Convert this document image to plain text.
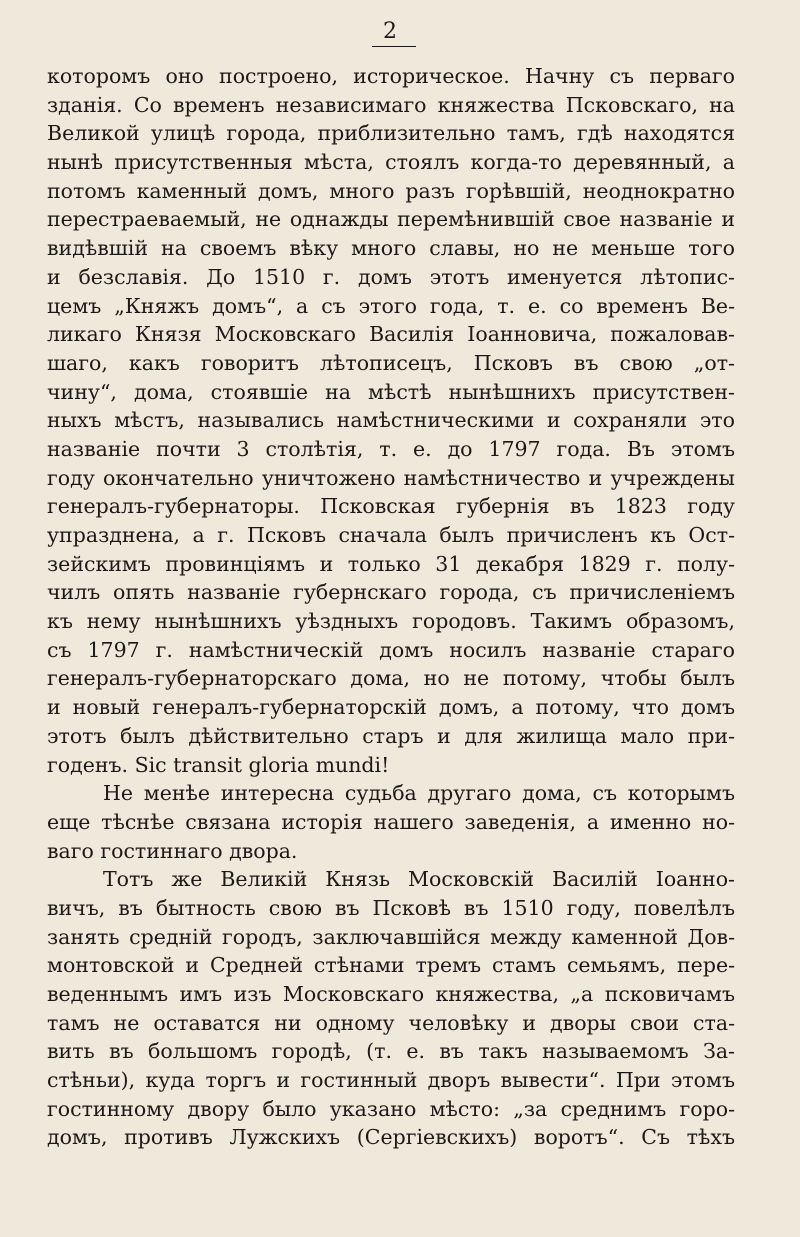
2
которомъ оно построено, историческое. Начну съ перваго
зданія. Со временъ независимаго княжества Псковскаго, на
Великой улицѣ города, приблизительно тамъ, гдѣ находятся
нынѣ присутственныя мѣста, стоялъ когда-то деревянный, а
потомъ каменный домъ, много разъ горѣвшій, неоднократно
перестраеваемый, не однажды перемѣнившій свое названіе и
видѣвшій на своемъ вѣку много славы, но не меньше того
и безславія. До 1510 г. домъ этотъ именуется лѣтопис-
цемъ „Княжъ домъ“, а съ этого года, т. е. со временъ Ве-
ликаго Князя Московскаго Василія Іоанновича, пожаловав-
шаго, какъ говоритъ лѣтописецъ, Псковъ въ свою „от-
чину“, дома, стоявшіе на мѣстѣ нынѣшнихъ присутствен-
ныхъ мѣстъ, назывались намѣстническими и сохраняли это
названіе почти 3 столѣтія, т. е. до 1797 года. Въ этомъ
году окончательно уничтожено намѣстничество и учреждены
генералъ-губернаторы. Псковская губернія въ 1823 году
упразднена, а г. Псковъ сначала былъ причисленъ къ Ост-
зейскимъ провинціямъ и только 31 декабря 1829 г. полу-
чилъ опять названіе губернскаго города, съ причисленіемъ
къ нему нынѣшнихъ уѣздныхъ городовъ. Такимъ образомъ,
съ 1797 г. намѣстническій домъ носилъ названіе стараго
генералъ-губернаторскаго дома, но не потому, чтобы былъ
и новый генералъ-губернаторскій домъ, а потому, что домъ
этотъ былъ дѣйствительно старъ и для жилища мало при-
годенъ. Sic transit gloria mundi!
Не менѣе интересна судьба другаго дома, съ которымъ
еще тѣснѣе связана исторія нашего заведенія, а именно но-
ваго гостиннаго двора.
Тотъ же Великій Князь Московскій Василій Іоанно-
вичъ, въ бытность свою въ Псковѣ въ 1510 году, повелѣлъ
занять средній городъ, заключавшійся между каменной Дов-
монтовской и Средней стѣнами тремъ стамъ семьямъ, пере-
веденнымъ имъ изъ Московскаго княжества, „а псковичамъ
тамъ не оставатся ни одному человѣку и дворы свои ста-
вить въ большомъ городѣ, (т. е. въ такъ называемомъ За-
стѣньи), куда торгъ и гостинный дворъ вывести“. При этомъ
гостинному двору было указано мѣсто: „за среднимъ горо-
домъ, противъ Лужскихъ (Сергіевскихъ) воротъ“. Съ тѣхъ
